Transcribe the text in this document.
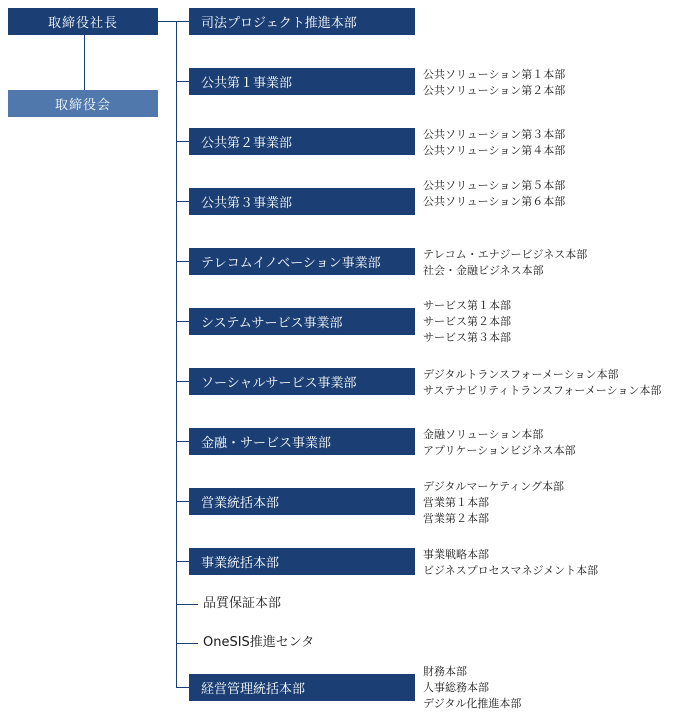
取締役社長
取締役会
司法プロジェクト推進本部
公共第１事業部
公共ソリューション第１本部
公共ソリューション第２本部
公共第２事業部
公共ソリューション第３本部
公共ソリューション第４本部
公共第３事業部
公共ソリューション第５本部
公共ソリューション第６本部
テレコムイノベーション事業部
テレコム・エナジービジネス本部
社会・金融ビジネス本部
システムサービス事業部
サービス第１本部
サービス第２本部
サービス第３本部
ソーシャルサービス事業部
デジタルトランスフォーメーション本部
サステナビリティトランスフォーメーション本部
金融・サービス事業部
金融ソリューション本部
アプリケーションビジネス本部
営業統括本部
デジタルマーケティング本部
営業第１本部
営業第２本部
事業統括本部
事業戦略本部
ビジネスプロセスマネジメント本部
品質保証本部
OneSIS推進センタ
経営管理統括本部
財務本部
人事総務本部
デジタル化推進本部
